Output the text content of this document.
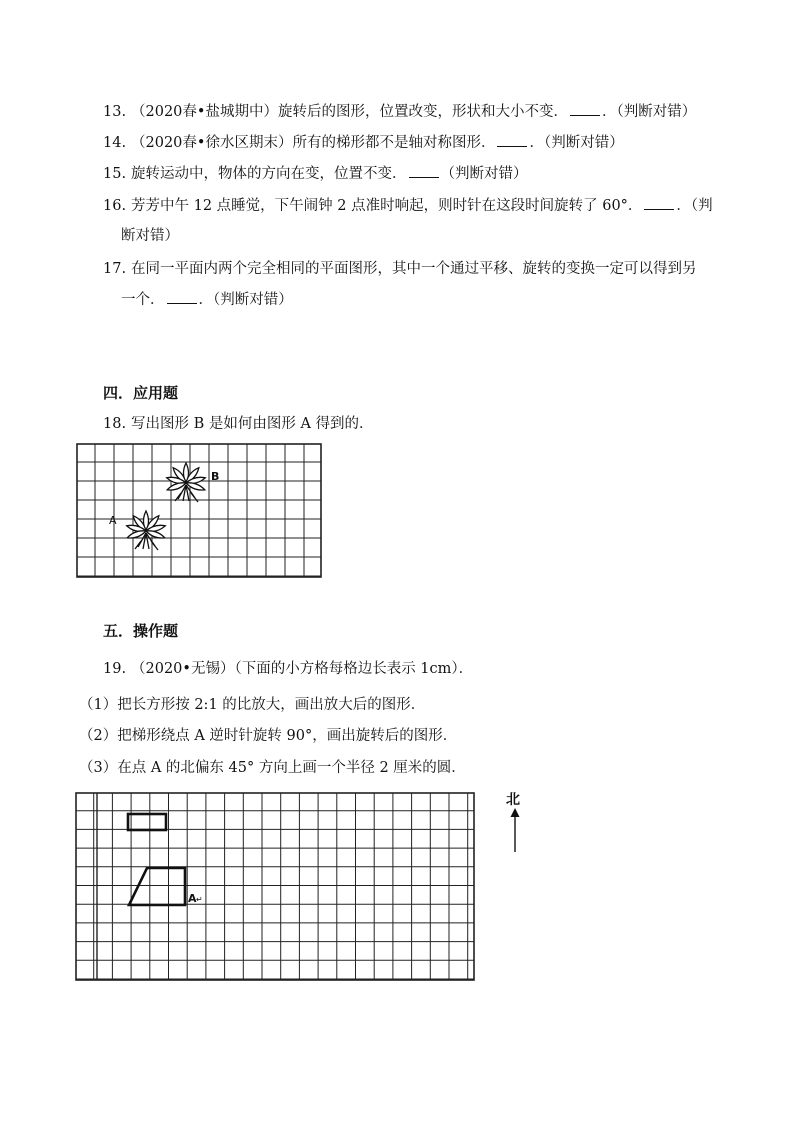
13. （2020春•盐城期中）旋转后的图形，位置改变，形状和大小不变． ．（判断对错）
14. （2020春•徐水区期末）所有的梯形都不是轴对称图形． ．（判断对错）
15. 旋转运动中，物体的方向在变，位置不变． （判断对错）
16. 芳芳中午 12 点睡觉，下午闹钟 2 点准时响起，则时针在这段时间旋转了 60°． ．（判
断对错）
17. 在同一平面内两个完全相同的平面图形，其中一个通过平移、旋转的变换一定可以得到另
一个． ．（判断对错）
四．应用题
18. 写出图形 B 是如何由图形 A 得到的．
A
B
五．操作题
19. （2020•无锡）（下面的小方格每格边长表示 1cm）．
（1）把长方形按 2:1 的比放大，画出放大后的图形．
（2）把梯形绕点 A 逆时针旋转 90°，画出旋转后的图形．
（3）在点 A 的北偏东 45° 方向上画一个半径 2 厘米的圆．
A ↵
北
